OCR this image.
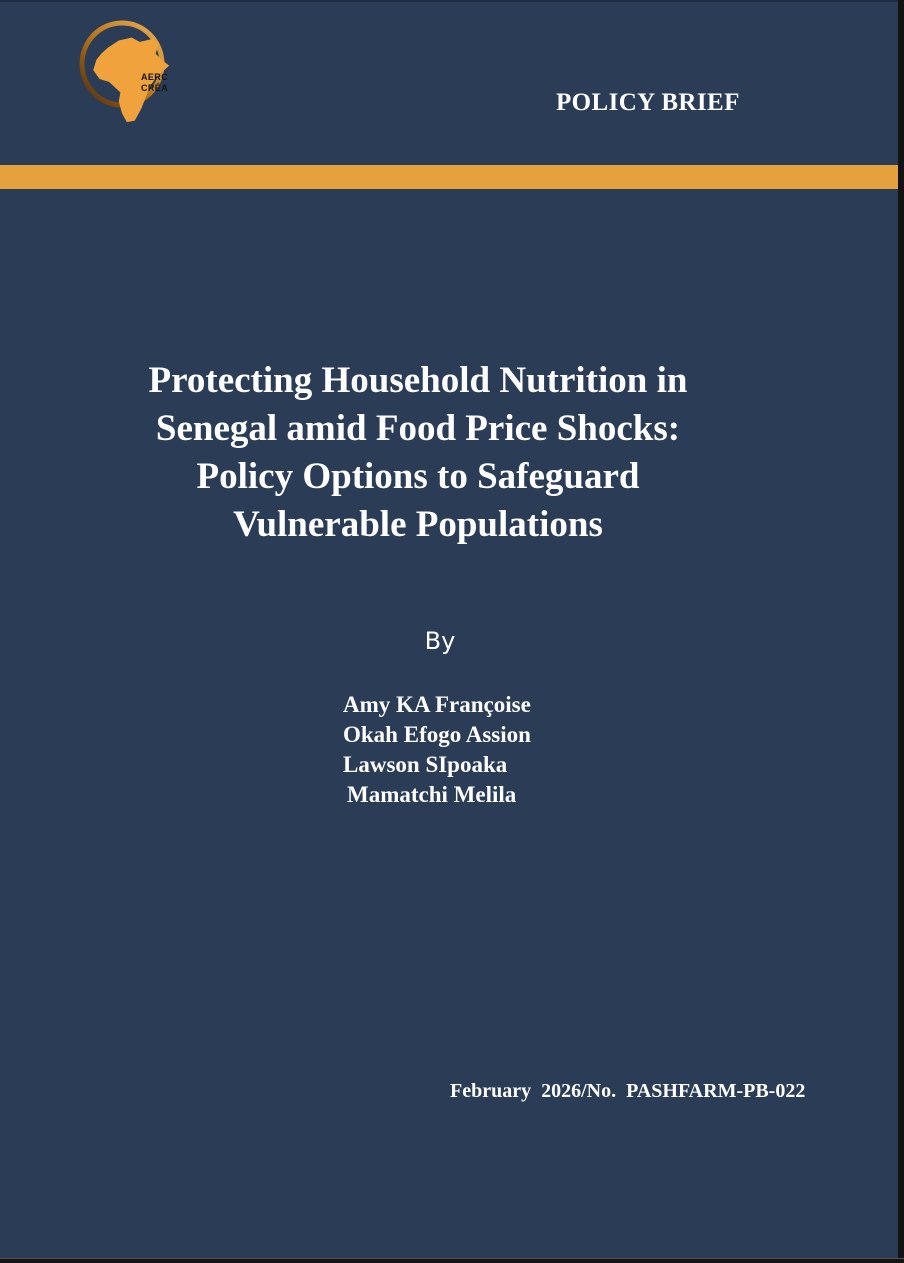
AERC
CRÉA
POLICY BRIEF
Protecting Household Nutrition in
Senegal amid Food Price Shocks:
Policy Options to Safeguard
Vulnerable Populations
By
Amy KA Françoise
Okah Efogo Assion
Lawson SIpoaka
Mamatchi Melila
February  2026/No.  PASHFARM-PB-022
